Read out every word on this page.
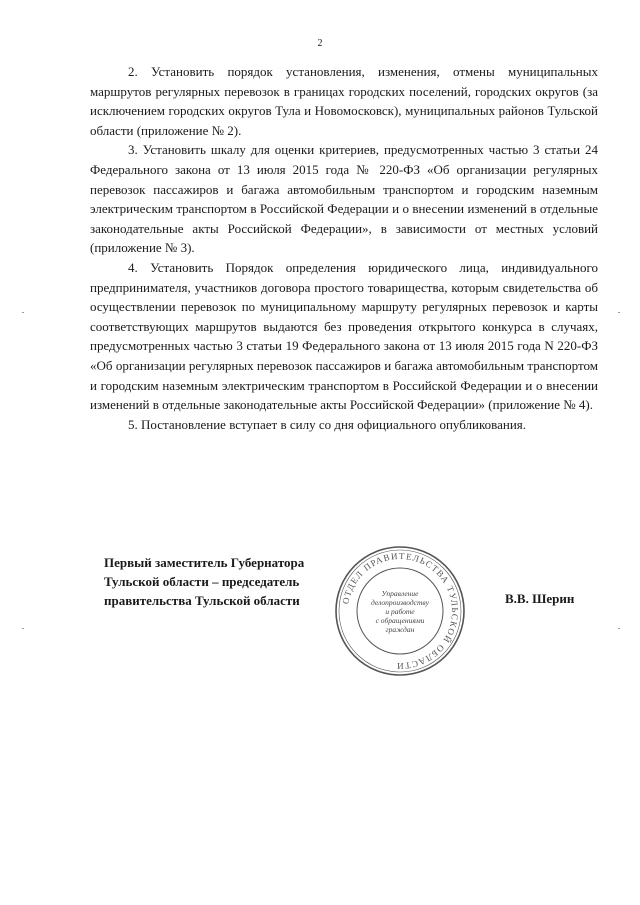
2

2. Установить порядок установления, изменения, отмены муниципальных маршрутов регулярных перевозок в границах городских поселений, городских округов (за исключением городских округов Тула и Новомосковск), муниципальных районов Тульской области (приложение № 2).

3. Установить шкалу для оценки критериев, предусмотренных частью 3 статьи 24 Федерального закона от 13 июля 2015 года № 220-ФЗ «Об организации регулярных перевозок пассажиров и багажа автомобильным транспортом и городским наземным электрическим транспортом в Российской Федерации и о внесении изменений в отдельные законодательные акты Российской Федерации», в зависимости от местных условий (приложение № 3).

4. Установить Порядок определения юридического лица, индивидуального предпринимателя, участников договора простого товарищества, которым свидетельства об осуществлении перевозок по муниципальному маршруту регулярных перевозок и карты соответствующих маршрутов выдаются без проведения открытого конкурса в случаях, предусмотренных частью 3 статьи 19 Федерального закона от 13 июля 2015 года N 220-ФЗ «Об организации регулярных перевозок пассажиров и багажа автомобильным транспортом и городским наземным электрическим транспортом в Российской Федерации и о внесении изменений в отдельные законодательные акты Российской Федерации» (приложение № 4).

5. Постановление вступает в силу со дня официального опубликования.

Первый заместитель Губернатора
Тульской области – председатель
правительства Тульской области	В.В. Шерин
ОТДЕЛ ПРАВИТЕЛЬСТВА ТУЛЬСКОЙ ОБЛАСТИ
Управление
делопроизводству
и работе
с обращениями
граждан
